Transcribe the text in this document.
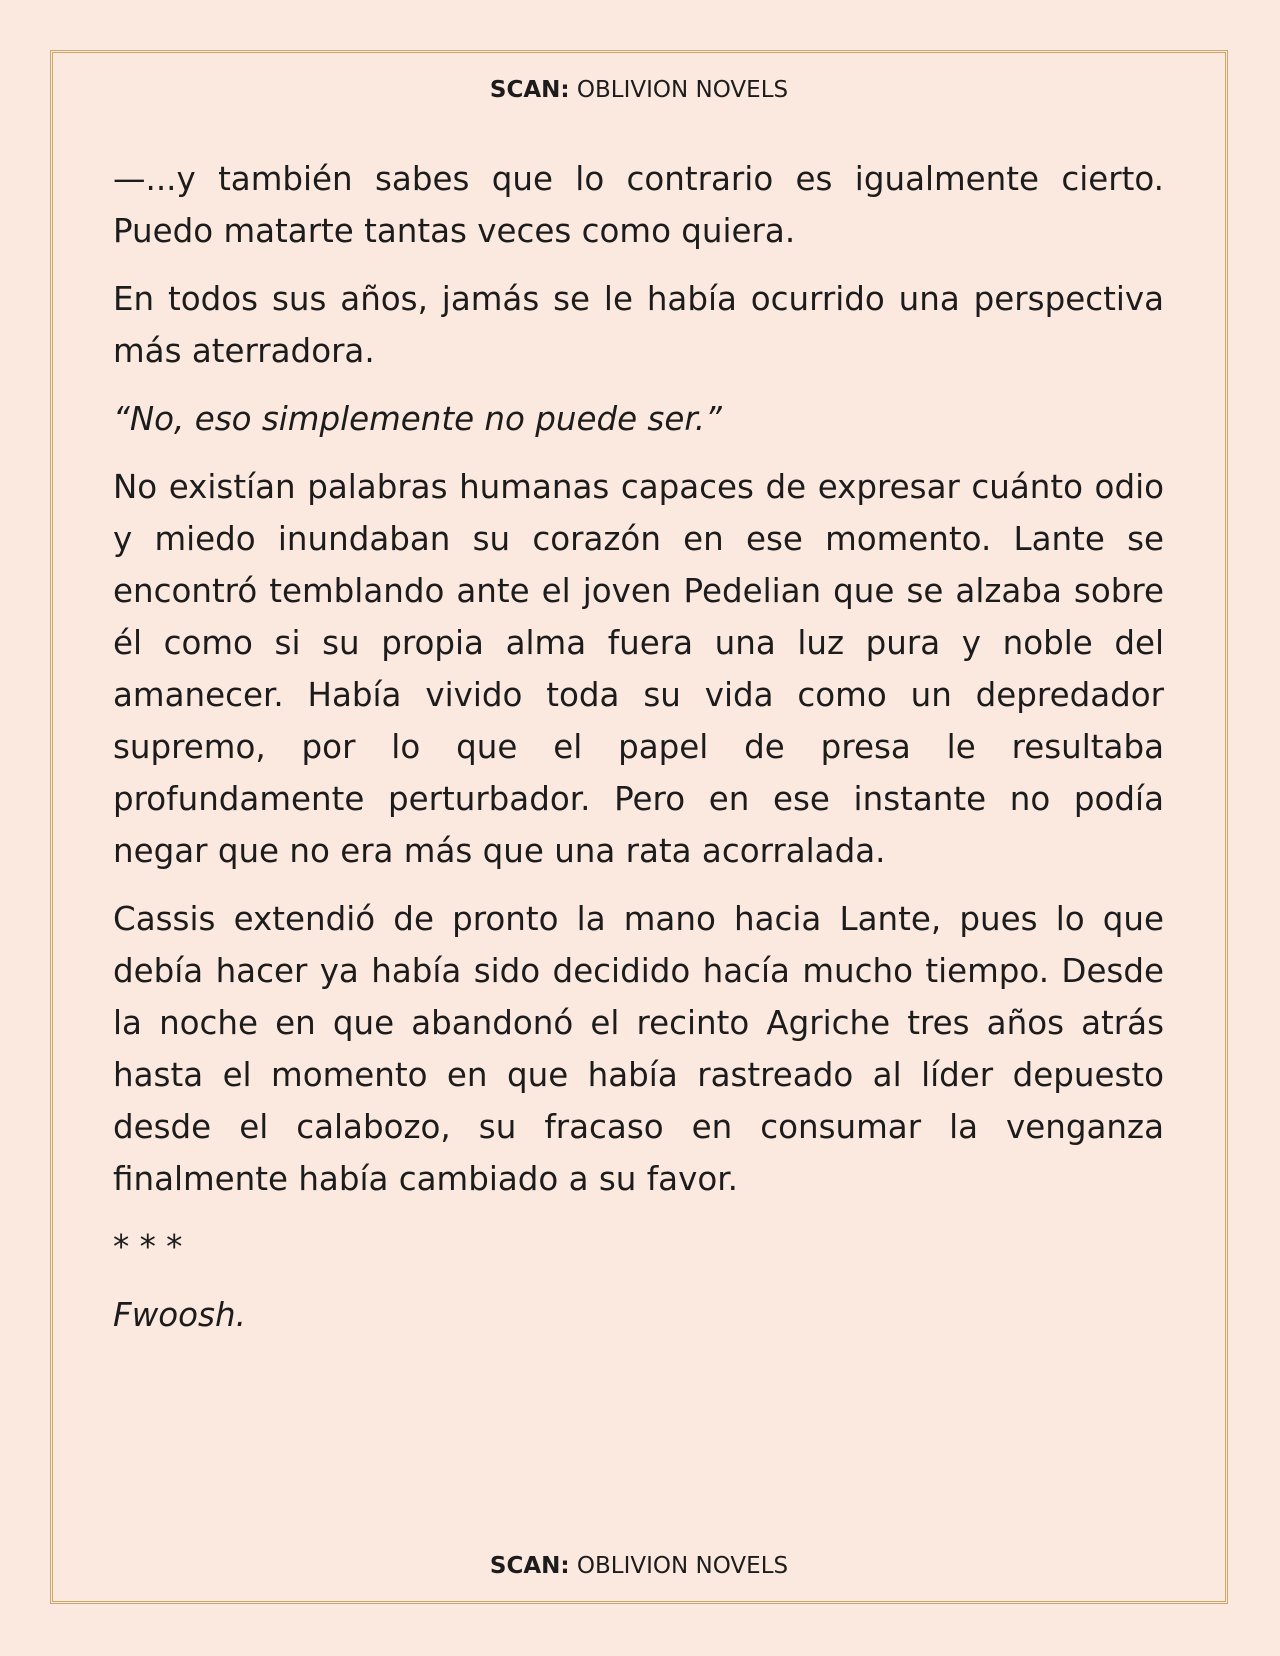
SCAN: OBLIVION NOVELS

—...y también sabes que lo contrario es igualmente cierto. Puedo matarte tantas veces como quiera.

En todos sus años, jamás se le había ocurrido una perspectiva más aterradora.

“No, eso simplemente no puede ser.”

No existían palabras humanas capaces de expresar cuánto odio y miedo inundaban su corazón en ese momento. Lante se encontró temblando ante el joven Pedelian que se alzaba sobre él como si su propia alma fuera una luz pura y noble del amanecer. Había vivido toda su vida como un depredador supremo, por lo que el papel de presa le resultaba profundamente perturbador. Pero en ese instante no podía negar que no era más que una rata acorralada.

Cassis extendió de pronto la mano hacia Lante, pues lo que debía hacer ya había sido decidido hacía mucho tiempo. Desde la noche en que abandonó el recinto Agriche tres años atrás hasta el momento en que había rastreado al líder depuesto desde el calabozo, su fracaso en consumar la venganza finalmente había cambiado a su favor.

* * *

Fwoosh.

SCAN: OBLIVION NOVELS
